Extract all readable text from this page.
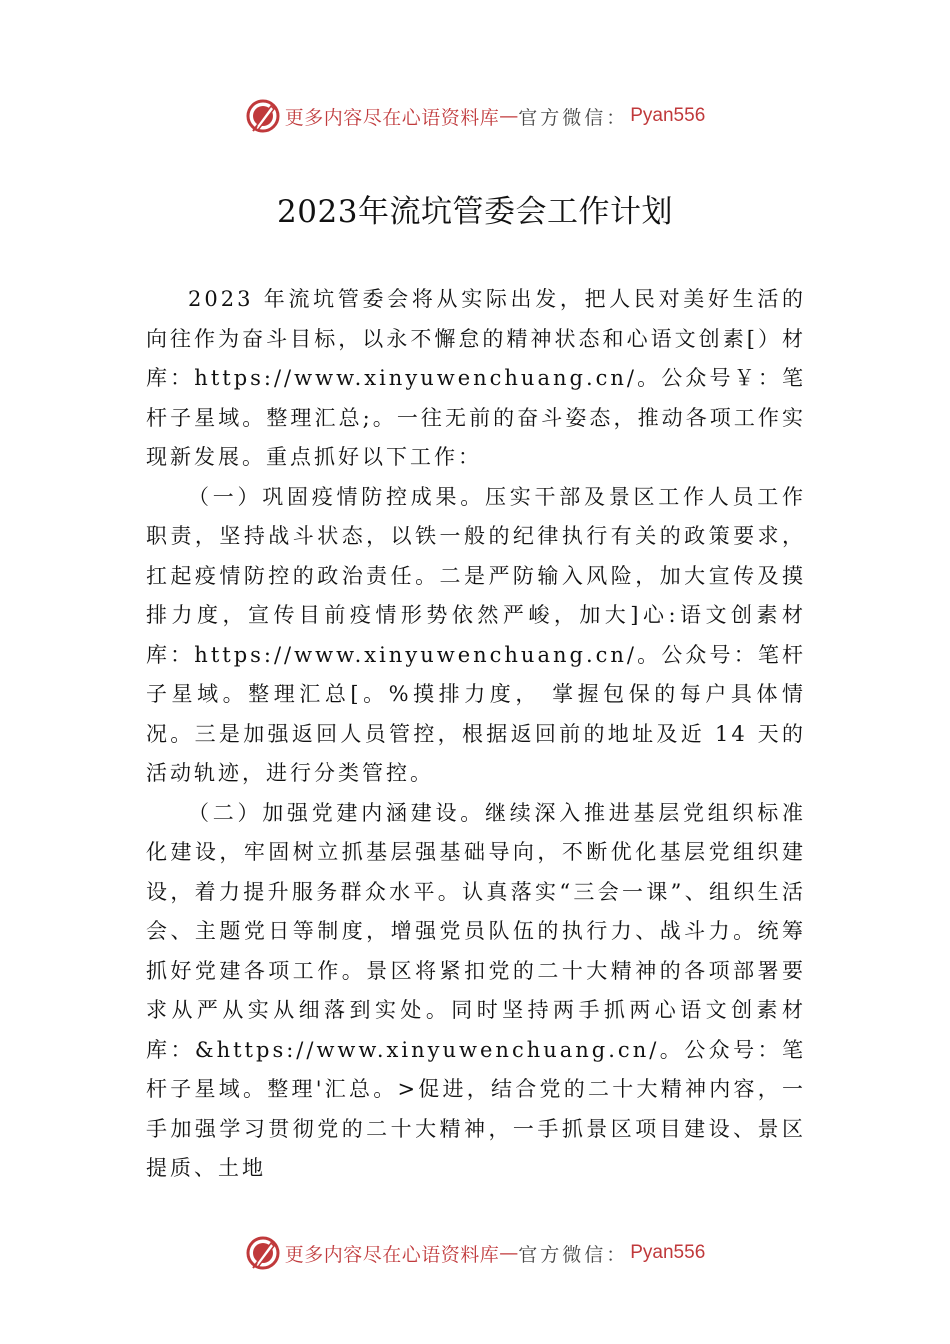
更多内容尽在心语资料库 — 官方微信： Pyan556
2023年流坑管委会工作计划

2023 年流坑管委会将从实际出发，把人民对美好生活的向往作为奋斗目标，以永不懈怠的精神状态和心语文创素[）材库：https://www.xinyuwenchuang.cn/。公众号￥：笔杆子星域。整理汇总;。一往无前的奋斗姿态，推动各项工作实现新发展。重点抓好以下工作：

（一）巩固疫情防控成果。压实干部及景区工作人员工作职责，坚持战斗状态，以铁一般的纪律执行有关的政策要求，扛起疫情防控的政治责任。二是严防输入风险，加大宣传及摸排力度，宣传目前疫情形势依然严峻，加大]心:语文创素材库：https://www.xinyuwenchuang.cn/。公众号：笔杆子星域。整理汇总[。%摸排力度， 掌握包保的每户具体情况。三是加强返回人员管控，根据返回前的地址及近 14 天的活动轨迹，进行分类管控。

（二）加强党建内涵建设。继续深入推进基层党组织标准化建设，牢固树立抓基层强基础导向，不断优化基层党组织建设，着力提升服务群众水平。认真落实“三会一课”、组织生活会、主题党日等制度，增强党员队伍的执行力、战斗力。统筹抓好党建各项工作。景区将紧扣党的二十大精神的各项部署要求从严从实从细落到实处。同时坚持两手抓两心语文创素材库：&https://www.xinyuwenchuang.cn/。公众号：笔杆子星域。整理'汇总。>促进，结合党的二十大精神内容，一手加强学习贯彻党的二十大精神，一手抓景区项目建设、景区提质、土地

更多内容尽在心语资料库 — 官方微信： Pyan556
